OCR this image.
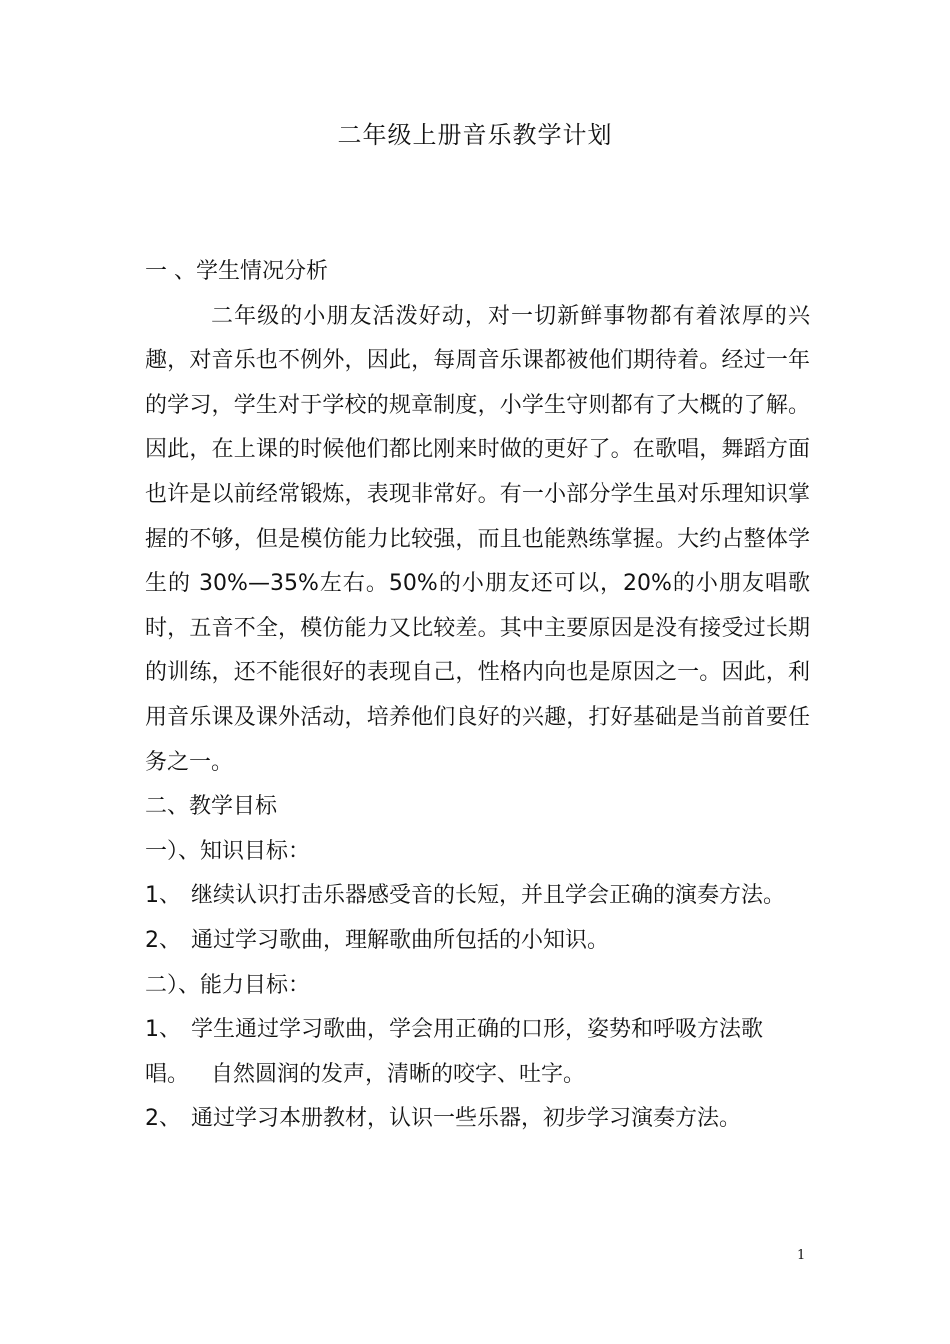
二年级上册音乐教学计划
一 、学生情况分析

二年级的小朋友活泼好动，对一切新鲜事物都有着浓厚的兴趣，对音乐也不例外，因此，每周音乐课都被他们期待着。经过一年的学习，学生对于学校的规章制度，小学生守则都有了大概的了解。因此，在上课的时候他们都比刚来时做的更好了。在歌唱，舞蹈方面也许是以前经常锻炼，表现非常好。有一小部分学生虽对乐理知识掌握的不够，但是模仿能力比较强，而且也能熟练掌握。大约占整体学生的 30%—35%左右。50%的小朋友还可以，20%的小朋友唱歌时，五音不全，模仿能力又比较差。其中主要原因是没有接受过长期的训练，还不能很好的表现自己，性格内向也是原因之一。因此，利用音乐课及课外活动，培养他们良好的兴趣，打好基础是当前首要任务之一。

二、教学目标
一）、知识目标：
1、 继续认识打击乐器感受音的长短，并且学会正确的演奏方法。
2、 通过学习歌曲，理解歌曲所包括的小知识。
二）、能力目标：
1、 学生通过学习歌曲，学会用正确的口形，姿势和呼吸方法歌
唱。 自然圆润的发声，清晰的咬字、吐字。
2、 通过学习本册教材，认识一些乐器，初步学习演奏方法。
1
